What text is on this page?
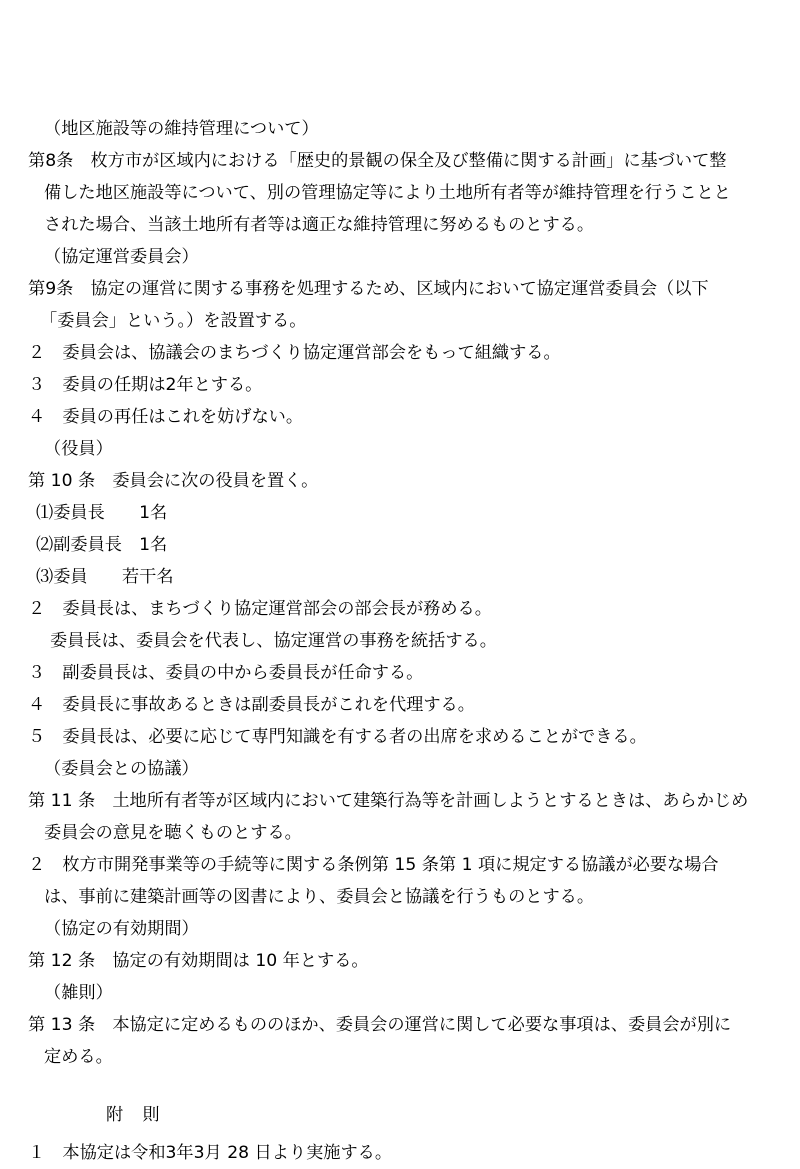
（地区施設等の維持管理について）
第8条　枚方市が区域内における「歴史的景観の保全及び整備に関する計画」に基づいて整
備した地区施設等について、別の管理協定等により土地所有者等が維持管理を行うことと
された場合、当該土地所有者等は適正な維持管理に努めるものとする。
（協定運営委員会）
第9条　協定の運営に関する事務を処理するため、区域内において協定運営委員会（以下
「委員会」という。）を設置する。
２　委員会は、協議会のまちづくり協定運営部会をもって組織する。
３　委員の任期は2年とする。
４　委員の再任はこれを妨げない。
（役員）
第 10 条　委員会に次の役員を置く。
⑴委員長　　1名
⑵副委員長　1名
⑶委員　　若干名
２　委員長は、まちづくり協定運営部会の部会長が務める。
委員長は、委員会を代表し、協定運営の事務を統括する。
３　副委員長は、委員の中から委員長が任命する。
４　委員長に事故あるときは副委員長がこれを代理する。
５　委員長は、必要に応じて専門知識を有する者の出席を求めることができる。
（委員会との協議）
第 11 条　土地所有者等が区域内において建築行為等を計画しようとするときは、あらかじめ
委員会の意見を聴くものとする。
２　枚方市開発事業等の手続等に関する条例第 15 条第 1 項に規定する協議が必要な場合
は、事前に建築計画等の図書により、委員会と協議を行うものとする。
（協定の有効期間）
第 12 条　協定の有効期間は 10 年とする。
（雑則）
第 13 条　本協定に定めるもののほか、委員会の運営に関して必要な事項は、委員会が別に
定める。
附　則
１　本協定は令和3年3月 28 日より実施する。
